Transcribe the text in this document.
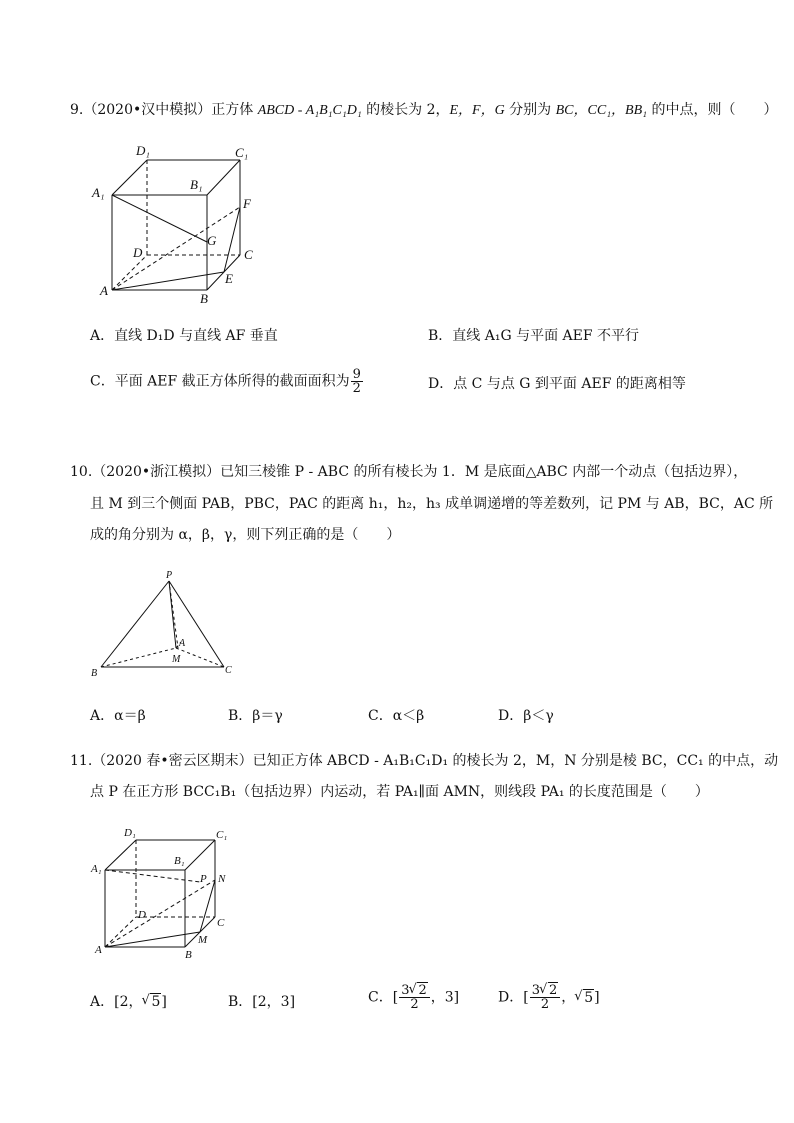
9.（2020•汉中模拟）正方体 ABCD - A₁B₁C₁D₁ 的棱长为 2，E，F，G 分别为 BC，CC₁，BB₁ 的中点，则（　　）
D₁	C₁
A₁
B₁
F
G
D	C
E
A
B
A．直线 D₁D 与直线 AF 垂直	B．直线 A₁G 与平面 AEF 不平行
C．平面 AEF 截正方体所得的截面面积为 $\frac{9}{2}$	D．点 C 与点 G 到平面 AEF 的距离相等
10.（2020•浙江模拟）已知三棱锥 P - ABC 的所有棱长为 1．M 是底面△ABC 内部一个动点（包括边界），
且 M 到三个侧面 PAB，PBC，PAC 的距离 h₁，h₂，h₃ 成单调递增的等差数列，记 PM 与 AB，BC，AC 所
成的角分别为 α，β，γ，则下列正确的是（　　）
P
A
M
B	C
A．α＝β	B．β＝γ	C．α＜β	D．β＜γ
11.（2020 春•密云区期末）已知正方体 ABCD - A₁B₁C₁D₁ 的棱长为 2，M，N 分别是棱 BC，CC₁ 的中点，动
点 P 在正方形 BCC₁B₁（包括边界）内运动，若 PA₁∥面 AMN，则线段 PA₁ 的长度范围是（　　）
D₁	C₁
A₁
B₁
P N
D
C
M
A	B
A．[2， √ 5]	B．[2，3]	C．[ $\frac{3 √ 2}{2}$ ，3]	D．[ $\frac{3 √ 2}{2}$ ， √ 5]
